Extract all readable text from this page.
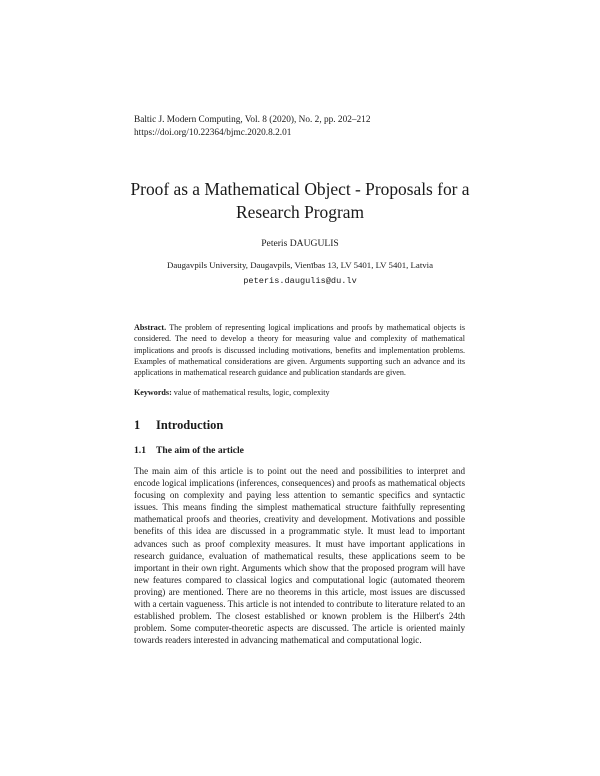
Baltic J. Modern Computing, Vol. 8 (2020), No. 2, pp. 202–212
https://doi.org/10.22364/bjmc.2020.8.2.01
Proof as a Mathematical Object - Proposals for a
Research Program
Peteris DAUGULIS
Daugavpils University, Daugavpils, Vienības 13, LV 5401, LV 5401, Latvia
peteris.daugulis@du.lv
Abstract. The problem of representing logical implications and proofs by mathematical objects is considered. The need to develop a theory for measuring value and complexity of mathematical implications and proofs is discussed including motivations, benefits and implementation problems. Examples of mathematical considerations are given. Arguments supporting such an advance and its applications in mathematical research guidance and publication standards are given.
Keywords: value of mathematical results, logic, complexity
1 Introduction
1.1 The aim of the article
The main aim of this article is to point out the need and possibilities to interpret and encode logical implications (inferences, consequences) and proofs as mathematical objects focusing on complexity and paying less attention to semantic specifics and syntactic issues. This means finding the simplest mathematical structure faithfully representing mathematical proofs and theories, creativity and development. Motivations and possible benefits of this idea are discussed in a programmatic style. It must lead to important advances such as proof complexity measures. It must have important applications in research guidance, evaluation of mathematical results, these applications seem to be important in their own right. Arguments which show that the proposed program will have new features compared to classical logics and computational logic (automated theorem proving) are mentioned. There are no theorems in this article, most issues are discussed with a certain vagueness. This article is not intended to contribute to literature related to an established problem. The closest established or known problem is the Hilbert's 24th problem. Some computer-theoretic aspects are discussed. The article is oriented mainly towards readers interested in advancing mathematical and computational logic.
